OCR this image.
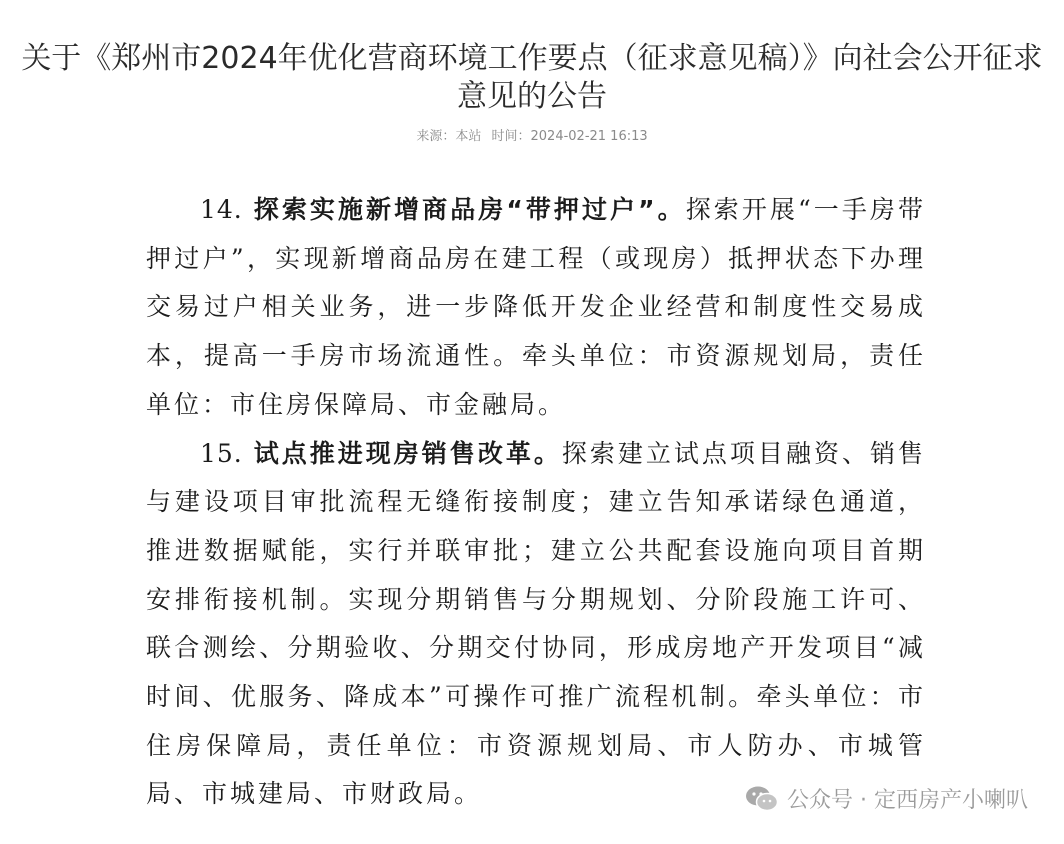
关于《郑州市2024年优化营商环境工作要点（征求意见稿）》向社会公开征求
意见的公告
来源：本站 时间：2024-02-21 16:13

14. 探索实施新增商品房“带押过户”。探索开展“一手房带押过户”，实现新增商品房在建工程（或现房）抵押状态下办理交易过户相关业务，进一步降低开发企业经营和制度性交易成本，提高一手房市场流通性。牵头单位：市资源规划局，责任单位：市住房保障局、市金融局。

15. 试点推进现房销售改革。探索建立试点项目融资、销售与建设项目审批流程无缝衔接制度；建立告知承诺绿色通道，推进数据赋能，实行并联审批；建立公共配套设施向项目首期安排衔接机制。实现分期销售与分期规划、分阶段施工许可、联合测绘、分期验收、分期交付协同，形成房地产开发项目“减时间、优服务、降成本”可操作可推广流程机制。牵头单位：市住房保障局，责任单位：市资源规划局、市人防办、市城管局、市城建局、市财政局。	公众号 · 定西房产小喇叭
